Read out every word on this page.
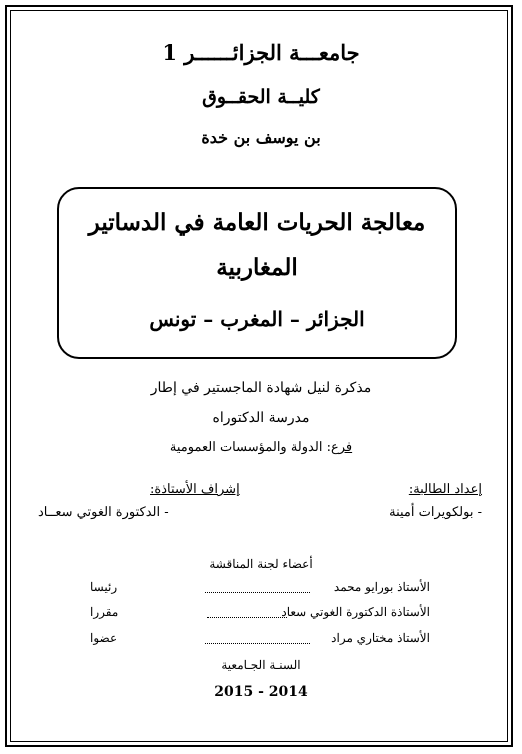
جامعـــة الجزائــــــر 1
كليــة الحقــوق
بن يوسف بن خدة
معالجة الحريات العامة في الدساتير
المغاربية
الجزائر – المغرب – تونس
مذكرة لنيل شهادة الماجستير في إطار
مدرسة الدكتوراه
فرع: الدولة والمؤسسات العمومية
إعداد الطالبة:
- بولكويرات أمينة
إشراف الأستاذة:
- الدكتورة الغوتي سعــاد
أعضاء لجنة المناقشة
الأستاذ بورايو محمد
رئيسا
الأستاذة الدكتورة الغوتي سعاد
مقررا
الأستاذ مختاري مراد
عضوا
السنـة الجـامعية
2015 - 2014
